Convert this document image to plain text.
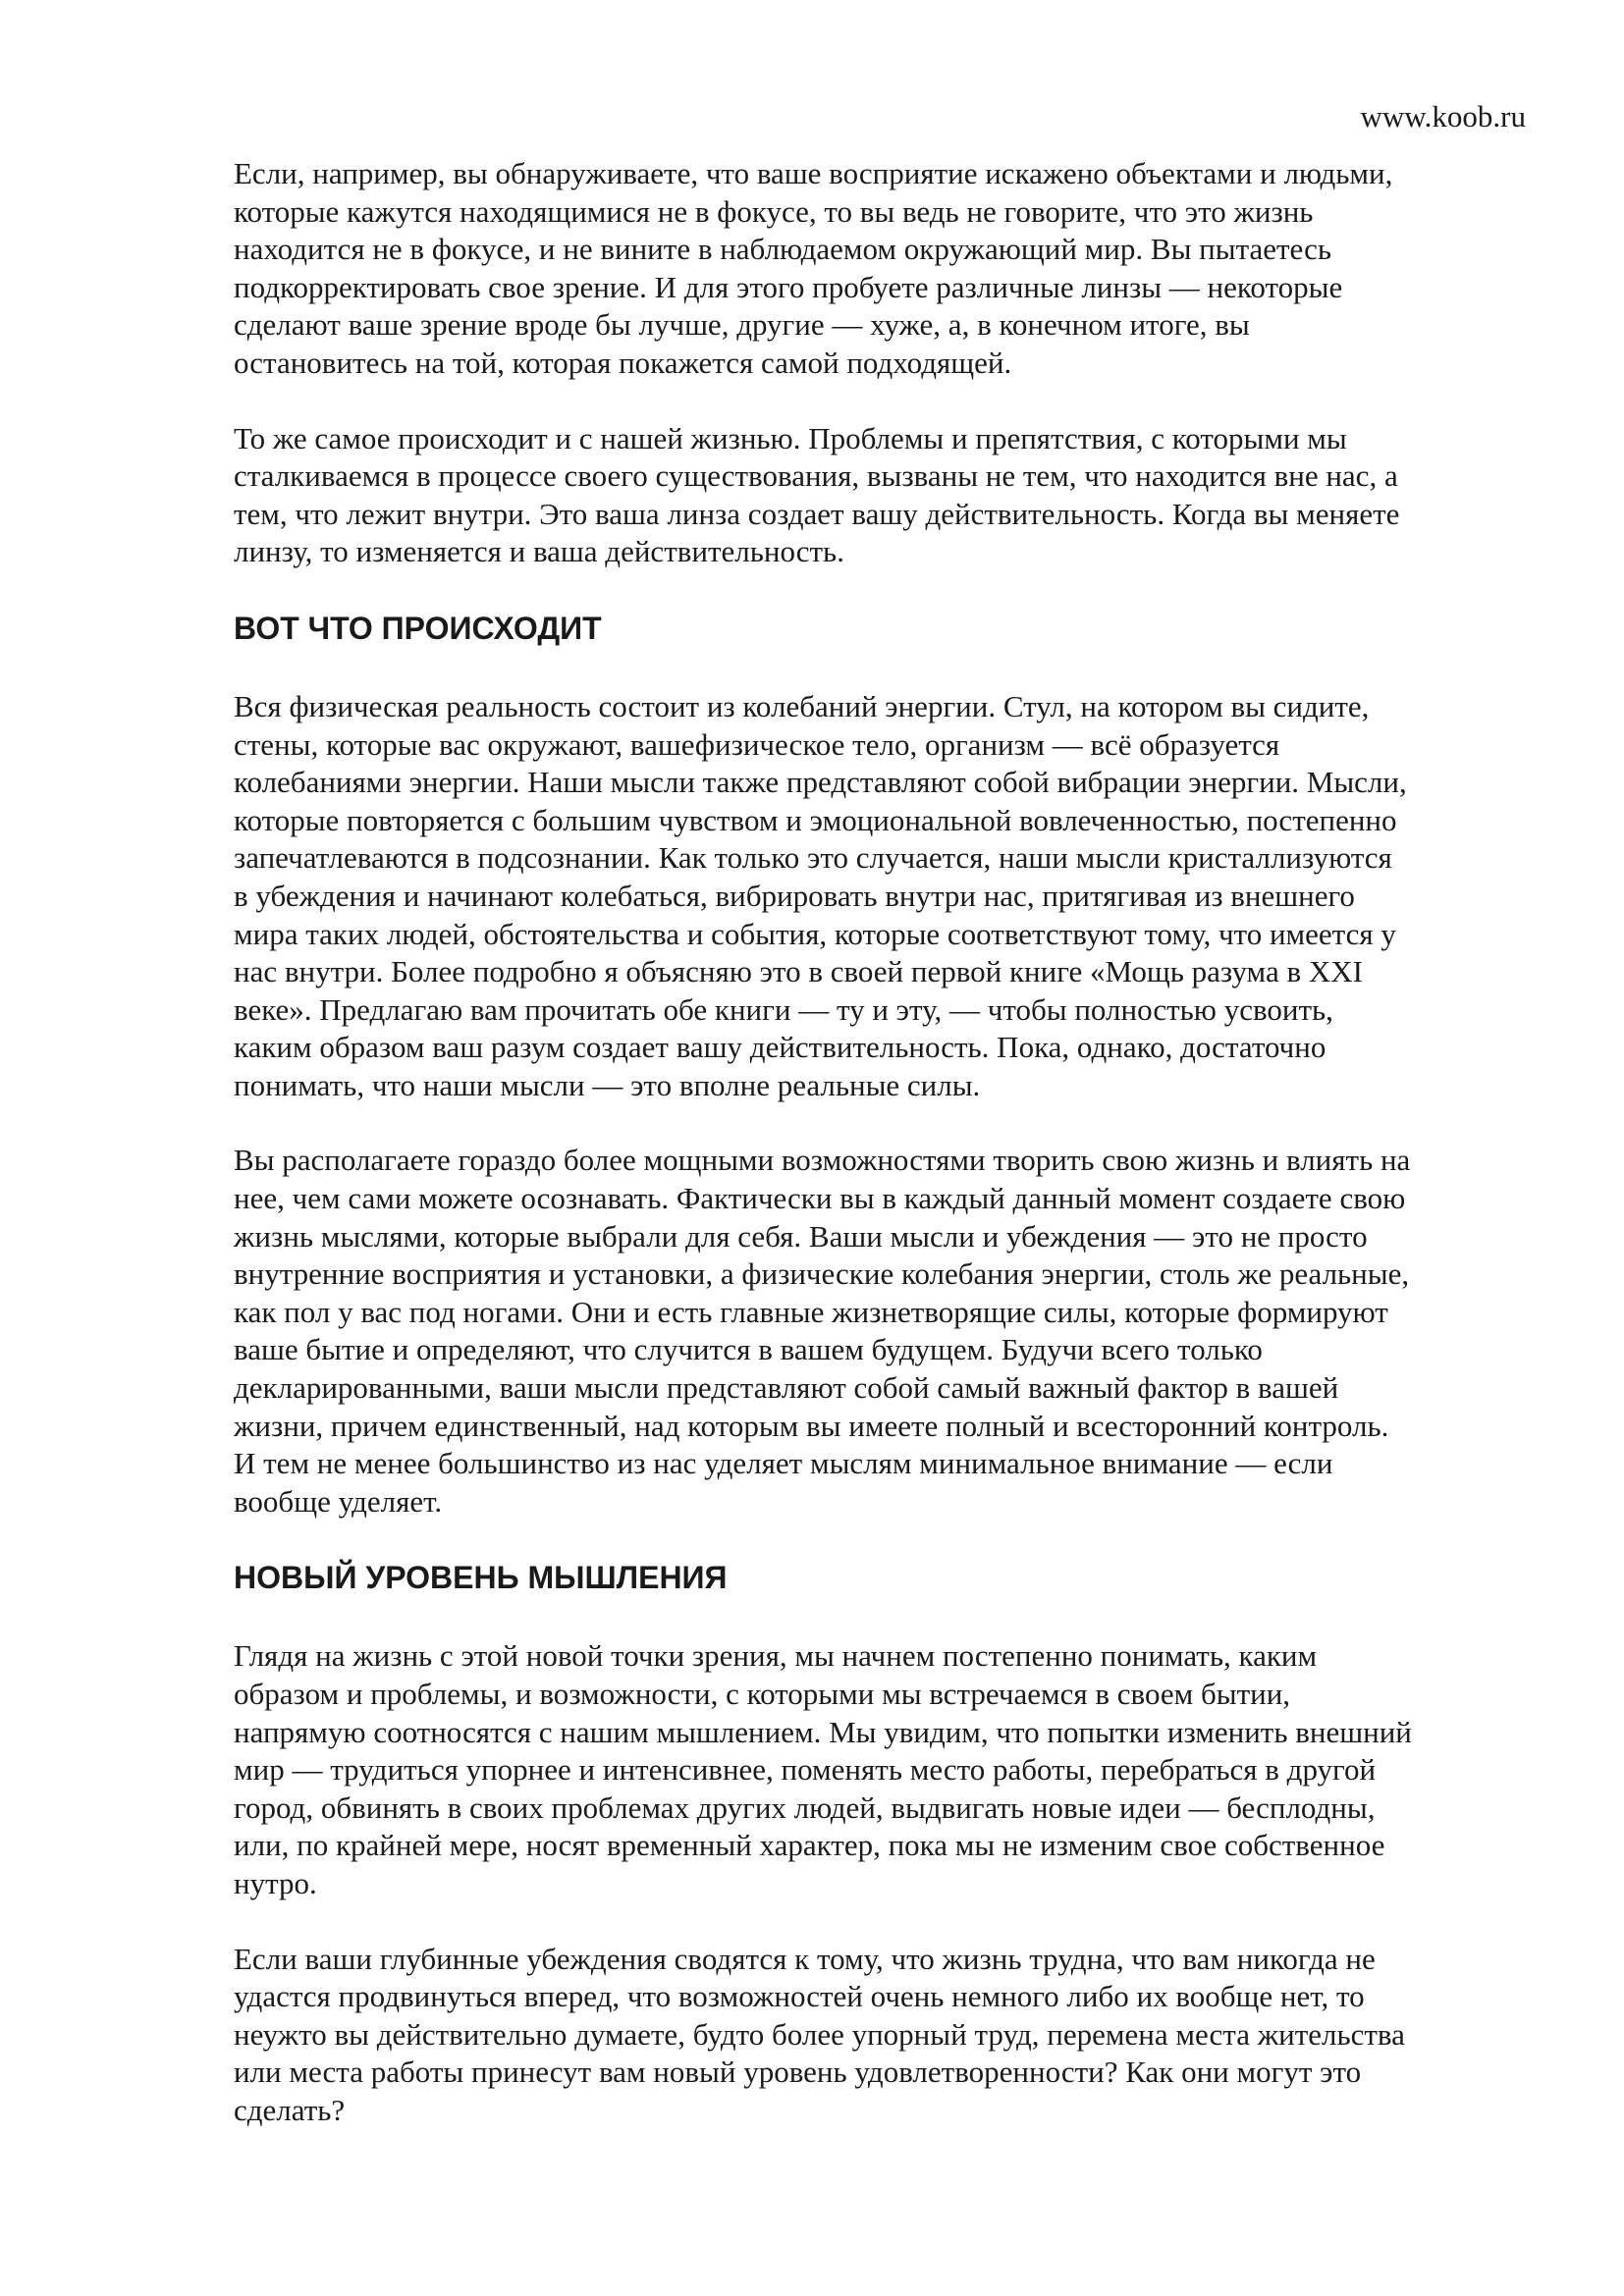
www.koob.ru
Если, например, вы обнаруживаете, что ваше восприятие искажено объектами и людьми,
которые кажутся находящимися не в фокусе, то вы ведь не говорите, что это жизнь
находится не в фокусе, и не вините в наблюдаемом окружающий мир. Вы пытаетесь
подкорректировать свое зрение. И для этого пробуете различные линзы — некоторые
сделают ваше зрение вроде бы лучше, другие — хуже, а, в конечном итоге, вы
остановитесь на той, которая покажется самой подходящей.
То же самое происходит и с нашей жизнью. Проблемы и препятствия, с которыми мы
сталкиваемся в процессе своего существования, вызваны не тем, что находится вне нас, а
тем, что лежит внутри. Это ваша линза создает вашу действительность. Когда вы меняете
линзу, то изменяется и ваша действительность.
ВОТ ЧТО ПРОИСХОДИТ
Вся физическая реальность состоит из колебаний энергии. Стул, на котором вы сидите,
стены, которые вас окружают, вашефизическое тело, организм — всё образуется
колебаниями энергии. Наши мысли также представляют собой вибрации энергии. Мысли,
которые повторяется с большим чувством и эмоциональной вовлеченностью, постепенно
запечатлеваются в подсознании. Как только это случается, наши мысли кристаллизуются
в убеждения и начинают колебаться, вибрировать внутри нас, притягивая из внешнего
мира таких людей, обстоятельства и события, которые соответствуют тому, что имеется у
нас внутри. Более подробно я объясняю это в своей первой книге «Мощь разума в XXI
веке». Предлагаю вам прочитать обе книги — ту и эту, — чтобы полностью усвоить,
каким образом ваш разум создает вашу действительность. Пока, однако, достаточно
понимать, что наши мысли — это вполне реальные силы.
Вы располагаете гораздо более мощными возможностями творить свою жизнь и влиять на
нее, чем сами можете осознавать. Фактически вы в каждый данный момент создаете свою
жизнь мыслями, которые выбрали для себя. Ваши мысли и убеждения — это не просто
внутренние восприятия и установки, а физические колебания энергии, столь же реальные,
как пол у вас под ногами. Они и есть главные жизнетворящие силы, которые формируют
ваше бытие и определяют, что случится в вашем будущем. Будучи всего только
декларированными, ваши мысли представляют собой самый важный фактор в вашей
жизни, причем единственный, над которым вы имеете полный и всесторонний контроль.
И тем не менее большинство из нас уделяет мыслям минимальное внимание — если
вообще уделяет.
НОВЫЙ УРОВЕНЬ МЫШЛЕНИЯ
Глядя на жизнь с этой новой точки зрения, мы начнем постепенно понимать, каким
образом и проблемы, и возможности, с которыми мы встречаемся в своем бытии,
напрямую соотносятся с нашим мышлением. Мы увидим, что попытки изменить внешний
мир — трудиться упорнее и интенсивнее, поменять место работы, перебраться в другой
город, обвинять в своих проблемах других людей, выдвигать новые идеи — бесплодны,
или, по крайней мере, носят временный характер, пока мы не изменим свое собственное
нутро.
Если ваши глубинные убеждения сводятся к тому, что жизнь трудна, что вам никогда не
удастся продвинуться вперед, что возможностей очень немного либо их вообще нет, то
неужто вы действительно думаете, будто более упорный труд, перемена места жительства
или места работы принесут вам новый уровень удовлетворенности? Как они могут это
сделать?
